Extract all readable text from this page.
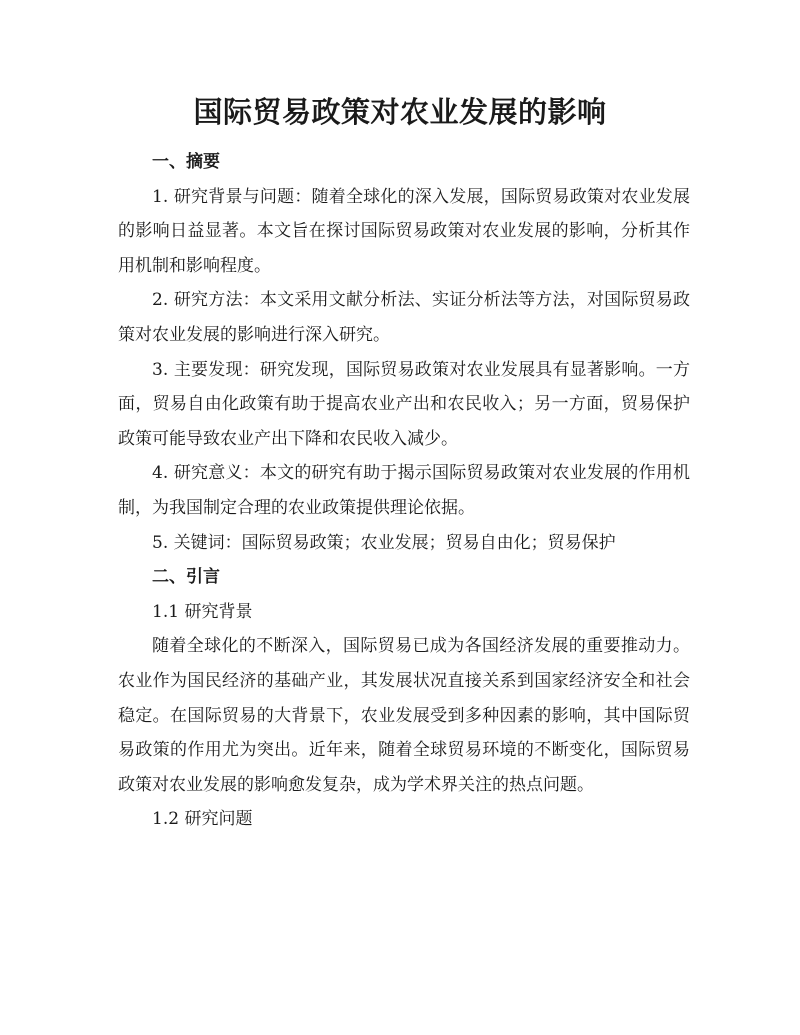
国际贸易政策对农业发展的影响

一、摘要

1. 研究背景与问题：随着全球化的深入发展，国际贸易政策对农业发展的影响日益显著。本文旨在探讨国际贸易政策对农业发展的影响，分析其作用机制和影响程度。

2. 研究方法：本文采用文献分析法、实证分析法等方法，对国际贸易政策对农业发展的影响进行深入研究。

3. 主要发现：研究发现，国际贸易政策对农业发展具有显著影响。一方面，贸易自由化政策有助于提高农业产出和农民收入；另一方面，贸易保护政策可能导致农业产出下降和农民收入减少。

4. 研究意义：本文的研究有助于揭示国际贸易政策对农业发展的作用机制，为我国制定合理的农业政策提供理论依据。

5. 关键词：国际贸易政策；农业发展；贸易自由化；贸易保护

二、引言

1.1 研究背景

随着全球化的不断深入，国际贸易已成为各国经济发展的重要推动力。农业作为国民经济的基础产业，其发展状况直接关系到国家经济安全和社会稳定。在国际贸易的大背景下，农业发展受到多种因素的影响，其中国际贸易政策的作用尤为突出。近年来，随着全球贸易环境的不断变化，国际贸易政策对农业发展的影响愈发复杂，成为学术界关注的热点问题。

1.2 研究问题
